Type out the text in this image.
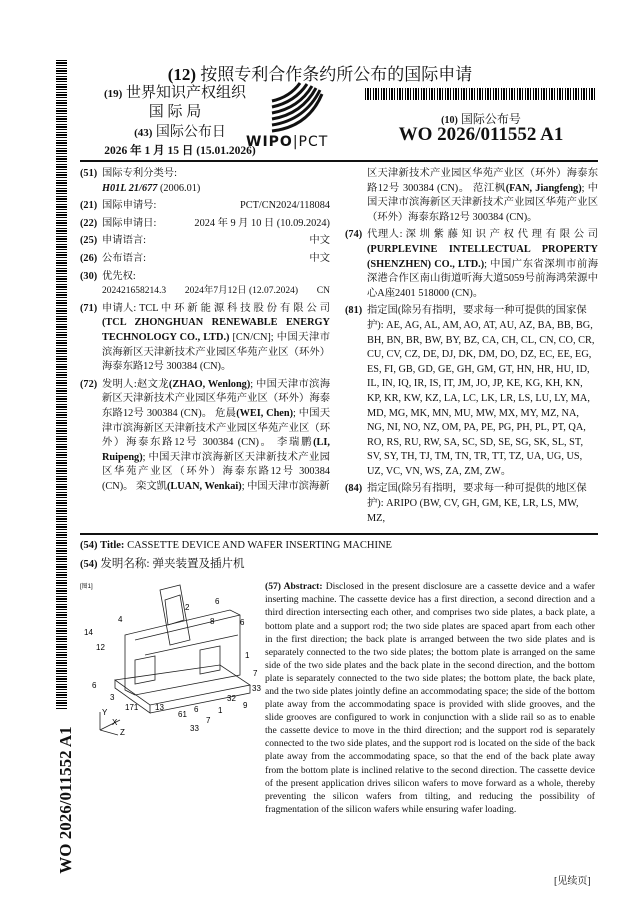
(12) 按照专利合作条约所公布的国际申请
(19) 世界知识产权组织
国 际 局
(43) 国际公布日
2026 年 1 月 15 日 (15.01.2026)
WIPO|PCT
(10) 国际公布号
WO 2026/011552 A1
WO 2026/011552 A1
(51) 国际专利分类号:
H01L 21/677 (2006.01)
(21) 国际申请号:	PCT/CN2024/118084
(22) 国际申请日:	2024 年 9 月 10 日 (10.09.2024)
(25) 申请语言:	中文
(26) 公布语言:	中文
(30) 优先权:
202421658214.3 2024年7月12日 (12.07.2024) CN
(71) 申请人: TCL 中 环 新 能 源 科 技 股 份 有 限 公 司 (TCL ZHONGHUAN RENEWABLE ENERGY TECHNOLOGY CO., LTD.) [CN/CN]; 中国天津市滨海新区天津新技术产业园区华苑产业区（环外）海泰东路12号 300384 (CN)。
(72) 发明人:赵文龙(ZHAO, Wenlong); 中国天津市滨海新区天津新技术产业园区华苑产业区（环外）海泰东路12号 300384 (CN)。 危晨(WEI, Chen); 中国天津市滨海新区天津新技术产业园区华苑产业区（环外）海泰东路12号 300384 (CN)。 李瑞鹏(LI, Ruipeng); 中国天津市滨海新区天津新技术产业园区华苑产业区（环外）海泰东路12号 300384 (CN)。 栾文凯(LUAN, Wenkai); 中国天津市滨海新
区天津新技术产业园区华苑产业区（环外）海泰东路12号 300384 (CN)。 范江枫(FAN, Jiangfeng); 中国天津市滨海新区天津新技术产业园区华苑产业区（环外）海泰东路12号 300384 (CN)。
(74) 代理人: 深 圳 紫 藤 知 识 产 权 代 理 有 限 公 司 (PURPLEVINE INTELLECTUAL PROPERTY (SHENZHEN) CO., LTD.); 中国广东省深圳市前海深港合作区南山街道听海大道5059号前海鸿荣源中心A座2401 518000 (CN)。
(81) 指定国(除另有指明，要求每一种可提供的国家保护): AE, AG, AL, AM, AO, AT, AU, AZ, BA, BB, BG, BH, BN, BR, BW, BY, BZ, CA, CH, CL, CN, CO, CR, CU, CV, CZ, DE, DJ, DK, DM, DO, DZ, EC, EE, EG, ES, FI, GB, GD, GE, GH, GM, GT, HN, HR, HU, ID, IL, IN, IQ, IR, IS, IT, JM, JO, JP, KE, KG, KH, KN, KP, KR, KW, KZ, LA, LC, LK, LR, LS, LU, LY, MA, MD, MG, MK, MN, MU, MW, MX, MY, MZ, NA, NG, NI, NO, NZ, OM, PA, PE, PG, PH, PL, PT, QA, RO, RS, RU, RW, SA, SC, SD, SE, SG, SK, SL, ST, SV, SY, TH, TJ, TM, TN, TR, TT, TZ, UA, UG, US, UZ, VC, VN, WS, ZA, ZM, ZW。
(84) 指定国(除另有指明，要求每一种可提供的地区保护): ARIPO (BW, CV, GH, GM, KE, LR, LS, MW, MZ,
(54) Title: CASSETTE DEVICE AND WAFER INSERTING MACHINE
(54) 发明名称: 弹夹装置及插片机
[图1]
4
2
6
8	6
14
12
1
6
7
3
171 13
61
6
32
9
33
1
7
33
Y
X
Z
(57) Abstract: Disclosed in the present disclosure are a cassette device and a wafer inserting machine. The cassette device has a first direction, a second direction and a third direction intersecting each other, and comprises two side plates, a back plate, a bottom plate and a support rod; the two side plates are spaced apart from each other in the first direction; the back plate is arranged between the two side plates and is separately connected to the two side plates; the bottom plate is arranged on the same side of the two side plates and the back plate in the second direction, and the bottom plate is separately connected to the two side plates; the bottom plate, the back plate, and the two side plates jointly define an accommodating space; the side of the bottom plate away from the accommodating space is provided with slide grooves, and the slide grooves are configured to work in conjunction with a slide rail so as to enable the cassette device to move in the third direction; and the support rod is separately connected to the two side plates, and the support rod is located on the side of the back plate away from the accommodating space, so that the end of the back plate away from the bottom plate is inclined relative to the second direction. The cassette device of the present application drives silicon wafers to move forward as a whole, thereby preventing the silicon wafers from tilting, and reducing the possibility of fragmentation of the silicon wafers while ensuring wafer loading.
[见续页]
